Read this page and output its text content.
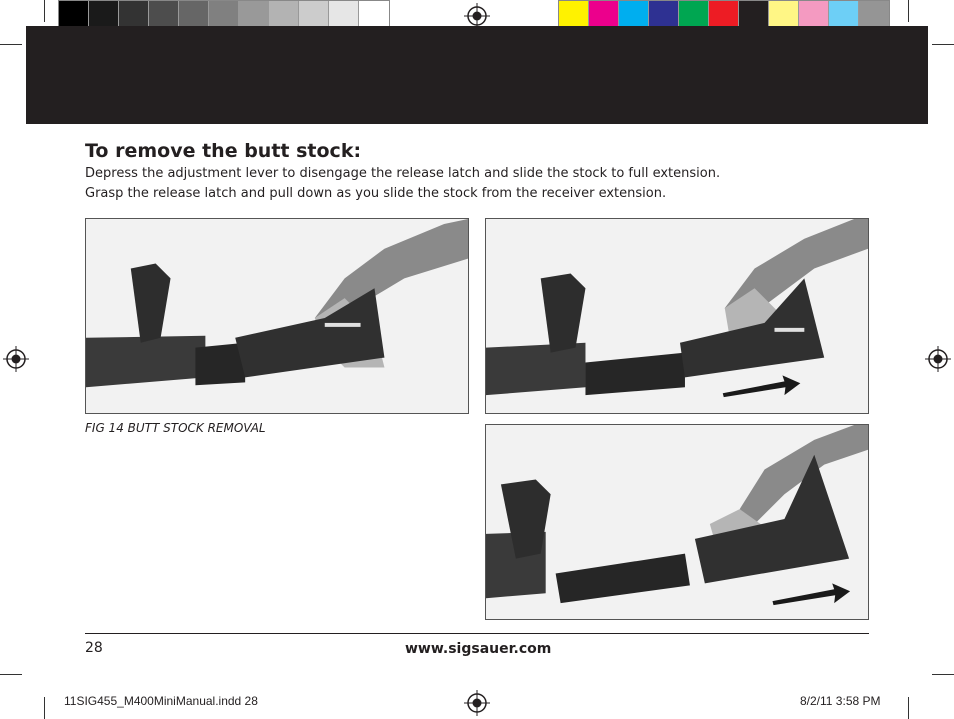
To remove the butt stock:

Depress the adjustment lever to disengage the release latch and slide the stock to full extension.

Grasp the release latch and pull down as you slide the stock from the receiver extension.

FIG 14 BUTT STOCK REMOVAL

28	www.sigsauer.com

11SIG455_M400MiniManual.indd 28	8/2/11 3:58 PM
